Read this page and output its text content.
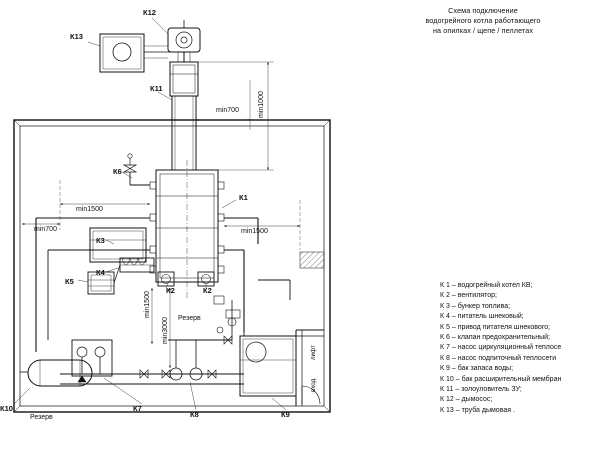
Схема подключение
водогрейного котла работающего
на опилках / щепе / пеллетах
К 1 – водогрейный котел КВ;
К 2 – вентилятор;
К 3 – бункер топлива;
К 4 – питатель шнековый;
К 5 – привод питателя шнекового;
К 6 – клапан предохранительный;
К 7 – насос циркуляционный теплосе
К 8 – насос подпиточный теплосети
К 9 – бак запаса воды;
К 10 – бак расширительный мембран
К 11 – золоуловитель ЗУ;
К 12 – дымосос;
К 13 – труба дымовая .
К1
К2	К2
К3
К4
К5
К6
К7
К8	К9
К10
К11
К12
К13
min700	min1000
min1500
min700	min1500
min1500
min3000 Резерв
Резерв
лифт
вход
